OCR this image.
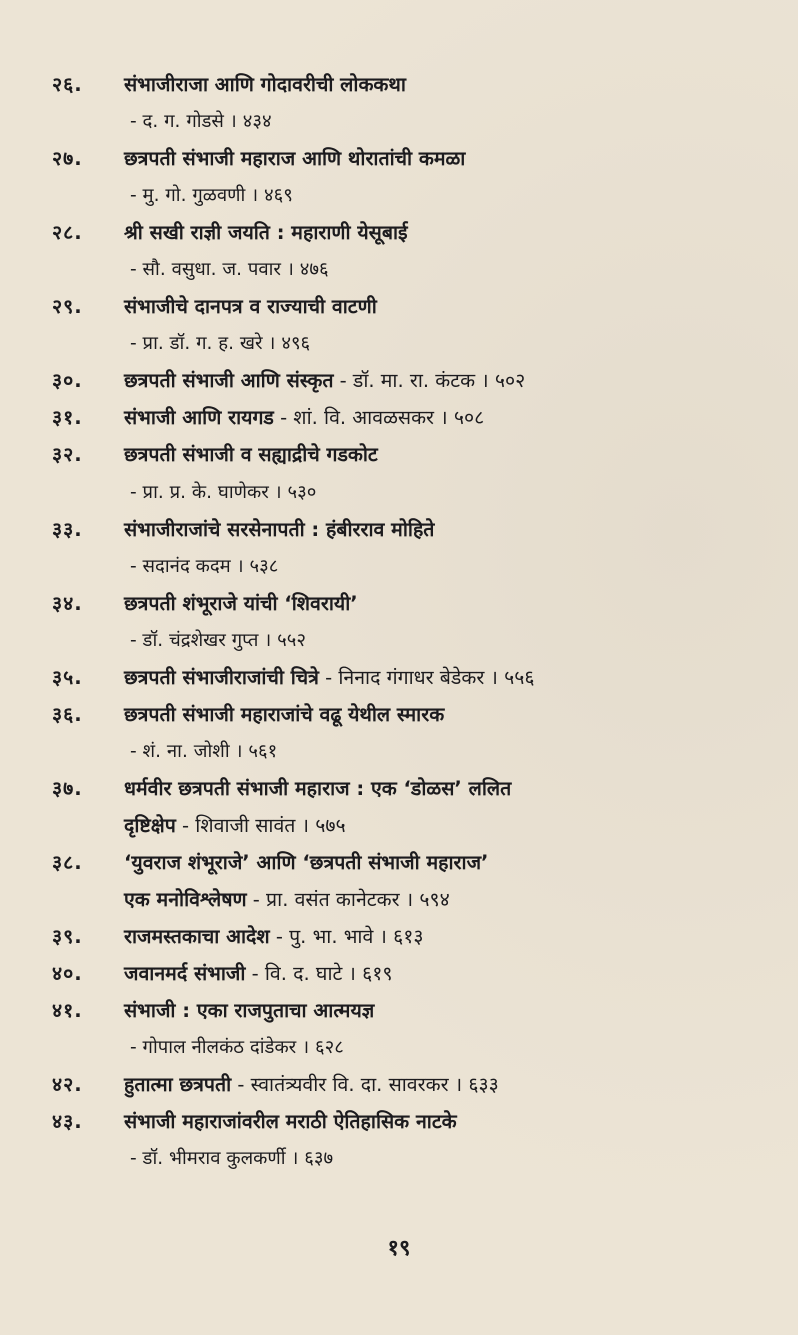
२६. संभाजीराजा आणि गोदावरीची लोककथा
- द. ग. गोडसे । ४३४
२७. छत्रपती संभाजी महाराज आणि थोरातांची कमळा
- मु. गो. गुळवणी । ४६९
२८. श्री सखी राज्ञी जयति : महाराणी येसूबाई
- सौ. वसुधा. ज. पवार । ४७६
२९. संभाजीचे दानपत्र व राज्याची वाटणी
- प्रा. डॉ. ग. ह. खरे । ४९६
३०. छत्रपती संभाजी आणि संस्कृत - डॉ. मा. रा. कंटक । ५०२
३१. संभाजी आणि रायगड - शां. वि. आवळसकर । ५०८
३२. छत्रपती संभाजी व सह्याद्रीचे गडकोट
- प्रा. प्र. के. घाणेकर । ५३०
३३. संभाजीराजांचे सरसेनापती : हंबीरराव मोहिते
- सदानंद कदम । ५३८
३४. छत्रपती शंभूराजे यांची ‘शिवरायी’
- डॉ. चंद्रशेखर गुप्त । ५५२
३५. छत्रपती संभाजीराजांची चित्रे - निनाद गंगाधर बेडेकर । ५५६
३६. छत्रपती संभाजी महाराजांचे वढू येथील स्मारक
- शं. ना. जोशी । ५६१
३७. धर्मवीर छत्रपती संभाजी महाराज : एक ‘डोळस’ ललित
दृष्टिक्षेप - शिवाजी सावंत । ५७५
३८. ‘युवराज शंभूराजे’ आणि ‘छत्रपती संभाजी महाराज’
एक मनोविश्लेषण - प्रा. वसंत कानेटकर । ५९४
३९. राजमस्तकाचा आदेश - पु. भा. भावे । ६१३
४०. जवानमर्द संभाजी - वि. द. घाटे । ६१९
४१. संभाजी : एका राजपुताचा आत्मयज्ञ
- गोपाल नीलकंठ दांडेकर । ६२८
४२. हुतात्मा छत्रपती - स्वातंत्र्यवीर वि. दा. सावरकर । ६३३
४३. संभाजी महाराजांवरील मराठी ऐतिहासिक नाटके
- डॉ. भीमराव कुलकर्णी । ६३७
१९
